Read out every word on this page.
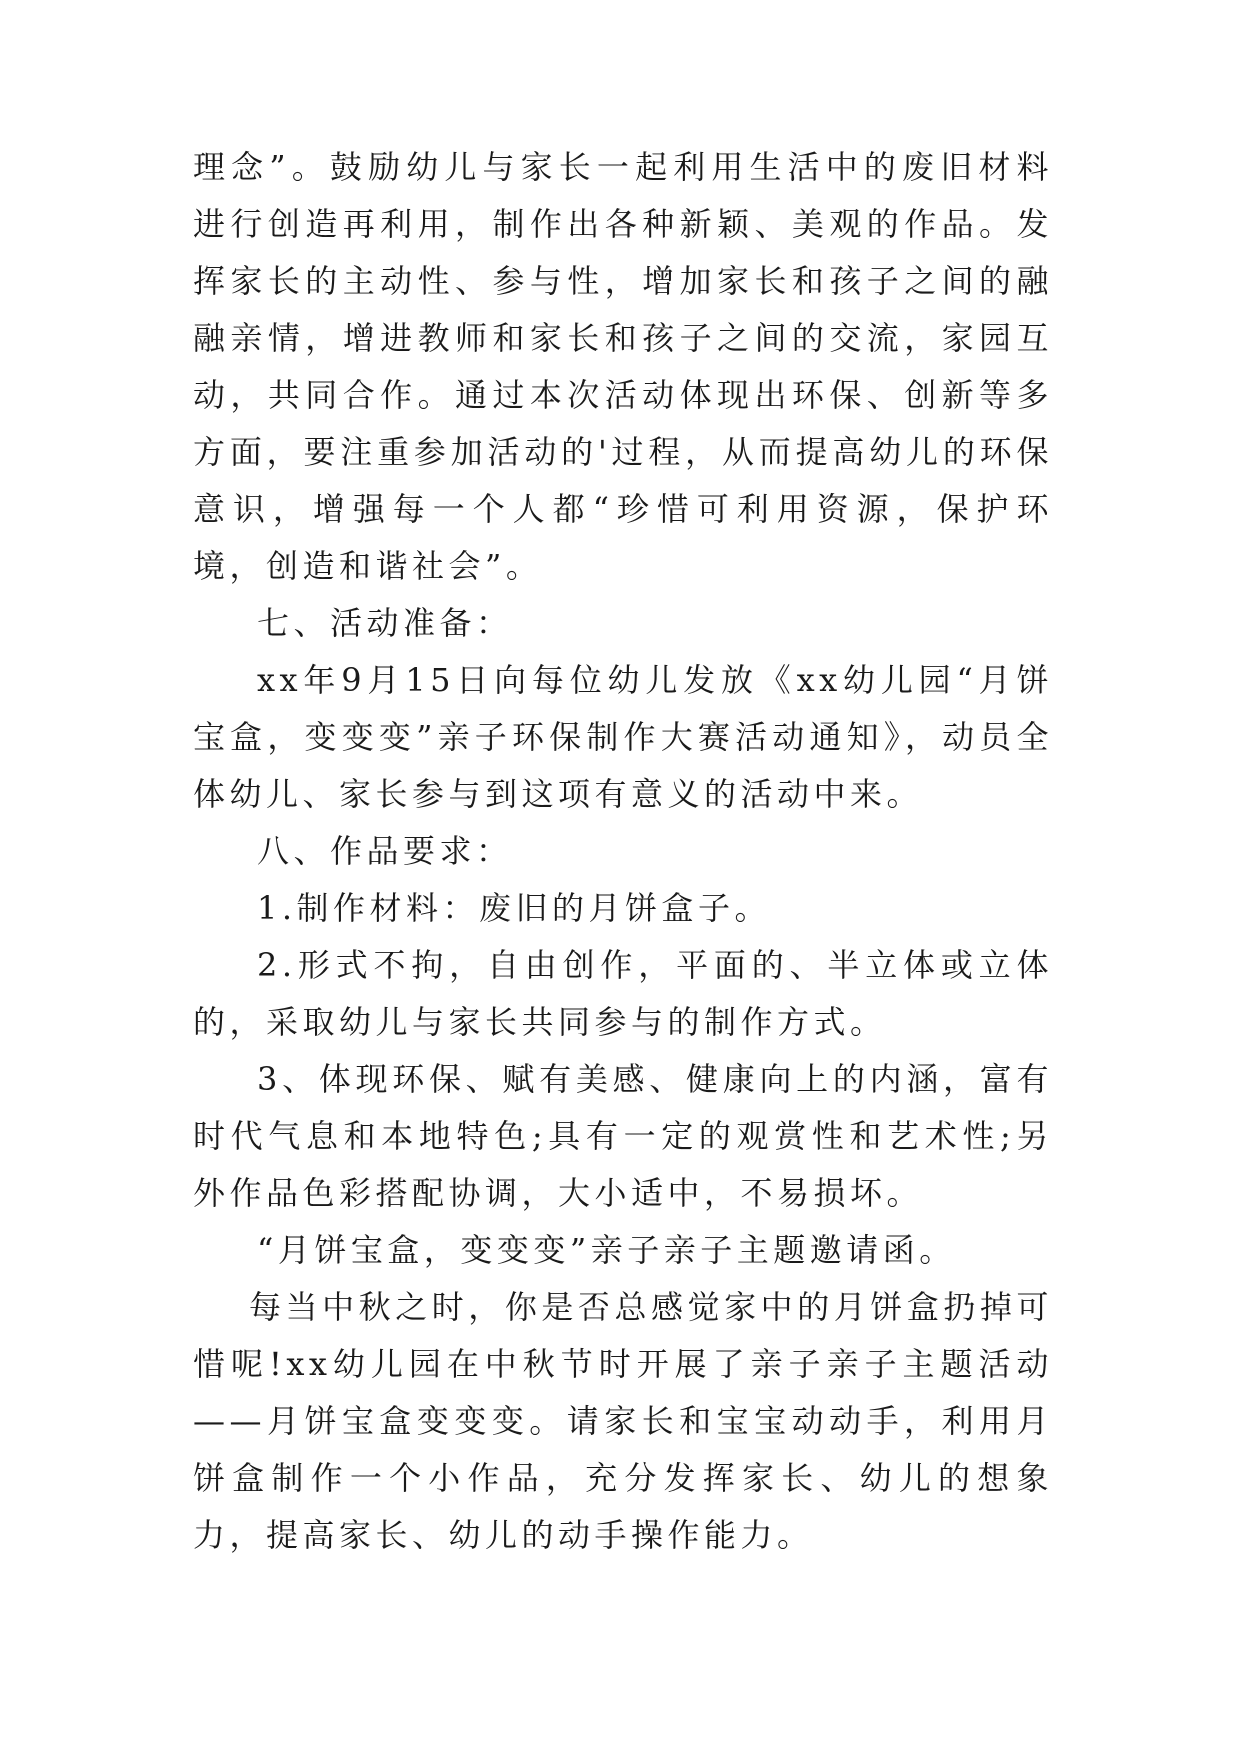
理念”。鼓励幼儿与家长一起利用生活中的废旧材料进行创造再利用，制作出各种新颖、美观的作品。发挥家长的主动性、参与性，增加家长和孩子之间的融融亲情，增进教师和家长和孩子之间的交流，家园互动，共同合作。通过本次活动体现出环保、创新等多方面，要注重参加活动的'过程，从而提高幼儿的环保意识，增强每一个人都“珍惜可利用资源，保护环境，创造和谐社会”。

七、活动准备：

xx年9月15日向每位幼儿发放《xx幼儿园“月饼宝盒，变变变”亲子环保制作大赛活动通知》，动员全体幼儿、家长参与到这项有意义的活动中来。

八、作品要求：

1.制作材料：废旧的月饼盒子。

2.形式不拘，自由创作，平面的、半立体或立体的，采取幼儿与家长共同参与的制作方式。

3、体现环保、赋有美感、健康向上的内涵，富有时代气息和本地特色;具有一定的观赏性和艺术性;另外作品色彩搭配协调，大小适中，不易损坏。

“月饼宝盒，变变变”亲子亲子主题邀请函。

每当中秋之时，你是否总感觉家中的月饼盒扔掉可惜呢!xx幼儿园在中秋节时开展了亲子亲子主题活动——月饼宝盒变变变。请家长和宝宝动动手，利用月饼盒制作一个小作品，充分发挥家长、幼儿的想象力，提高家长、幼儿的动手操作能力。
